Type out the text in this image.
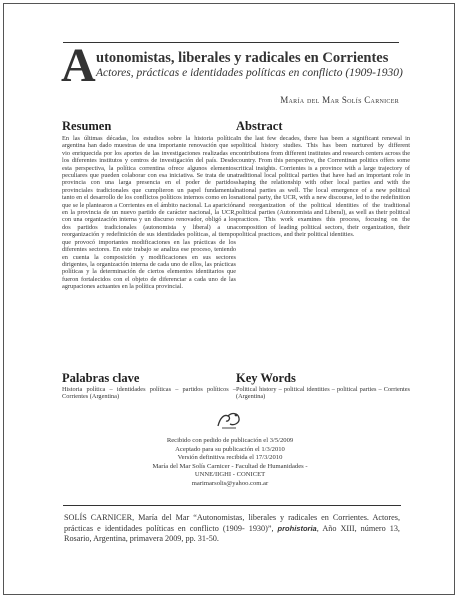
A utonomistas, liberales y radicales en Corrientes
Actores, prácticas e identidades políticas en conflicto (1909-1930)
María del Mar Solís Carnicer
Resumen

En las últimas décadas, los estudios sobre la historia política argentina han dado muestras de una importante renovación que se vio enriquecida por los aportes de las investigaciones realizadas en los diferentes institutos y centros de investigación del país. Desde esta perspectiva, la política correntina ofrece algunos elementos peculiares que pueden colaborar con esa iniciativa. Se trata de una provincia con una larga presencia en el poder de partidos provinciales tradicionales que cumplieron un papel fundamental tanto en el desarrollo de los conflictos políticos internos como en los que se le plantearon a Corrientes en el ámbito nacional. La aparición en la provincia de un nuevo partido de carácter nacional, la UCR, con una organización interna y un discurso renovador, obligó a los dos partidos tradicionales (autonomista y liberal) a una reorganización y redefinición de sus identidades políticas, al tiempo que provocó importantes modificaciones en las prácticas de los diferentes sectores. En este trabajo se analiza ese proceso, teniendo en cuenta la composición y modificaciones en sus sectores dirigentes, la organización interna de cada uno de ellos, las prácticas políticas y la determinación de ciertos elementos identitarios que fueron fortalecidos con el objeto de diferenciar a cada uno de las agrupaciones actuantes en la política provincial.

Abstract

In the last few decades, there has been a significant renewal in political history studies. This has been nurtured by different contributions from different institutes and research centers across the country. From this perspective, the Correntinan politics offers some critical insights. Corrientes is a province with a large trajectory of traditional local political parties that have had an important role in shaping the relationship with other local parties and with the national parties as well. The local emergence of a new political national party, the UCR, with a new discourse, led to the redefinition and reorganization of the political identities of the traditional political parties (Autonomista and Liberal), as well as their political practices. This work examines this process, focusing on the composition of leading political sectors, their organization, their political practices, and their political identities.

Palabras clave

Historia política – identidades políticas – partidos políticos – Corrientes (Argentina)

Key Words

Political history – political identities – political parties – Corrientes (Argentina)

Recibido con pedido de publicación el 3/5/2009
Aceptado para su publicación el 1/3/2010
Versión definitiva recibida el 17/3/2010
María del Mar Solís Carnicer - Facultad de Humanidades -
UNNE/IIGHI - CONICET
marimarsolis@yahoo.com.ar
SOLÍS CARNICER, María del Mar “Autonomistas, liberales y radicales en Corrientes. Actores, prácticas e identidades políticas en conflicto (1909- 1930)”, prohistoria, Año XIII, número 13, Rosario, Argentina, primavera 2009, pp. 31-50.
